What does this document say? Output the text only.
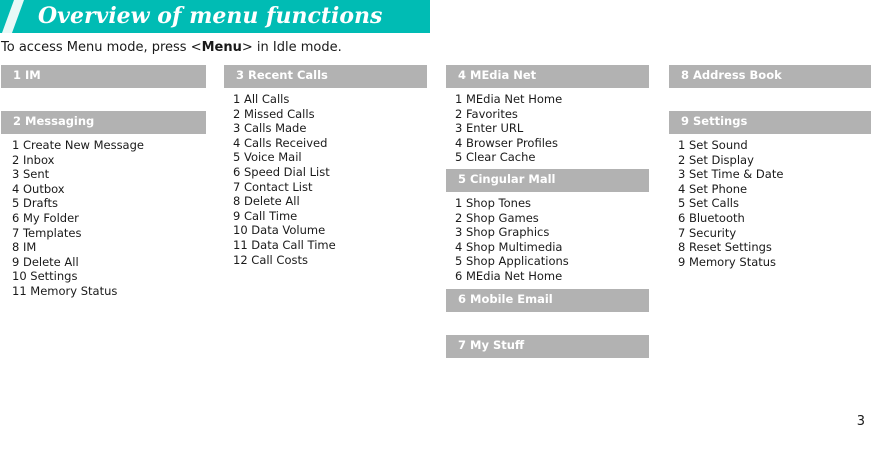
Overview of menu functions

To access Menu mode, press <Menu> in Idle mode.

1 IM
2 Messaging
1 Create New Message
2 Inbox
3 Sent
4 Outbox
5 Drafts
6 My Folder
7 Templates
8 IM
9 Delete All
10 Settings
11 Memory Status
3 Recent Calls
1 All Calls
2 Missed Calls
3 Calls Made
4 Calls Received
5 Voice Mail
6 Speed Dial List
7 Contact List
8 Delete All
9 Call Time
10 Data Volume
11 Data Call Time
12 Call Costs
4 MEdia Net
1 MEdia Net Home
2 Favorites
3 Enter URL
4 Browser Profiles
5 Clear Cache
5 Cingular Mall
1 Shop Tones
2 Shop Games
3 Shop Graphics
4 Shop Multimedia
5 Shop Applications
6 MEdia Net Home
6 Mobile Email
7 My Stuff
8 Address Book
9 Settings
1 Set Sound
2 Set Display
3 Set Time & Date
4 Set Phone
5 Set Calls
6 Bluetooth
7 Security
8 Reset Settings
9 Memory Status
3
